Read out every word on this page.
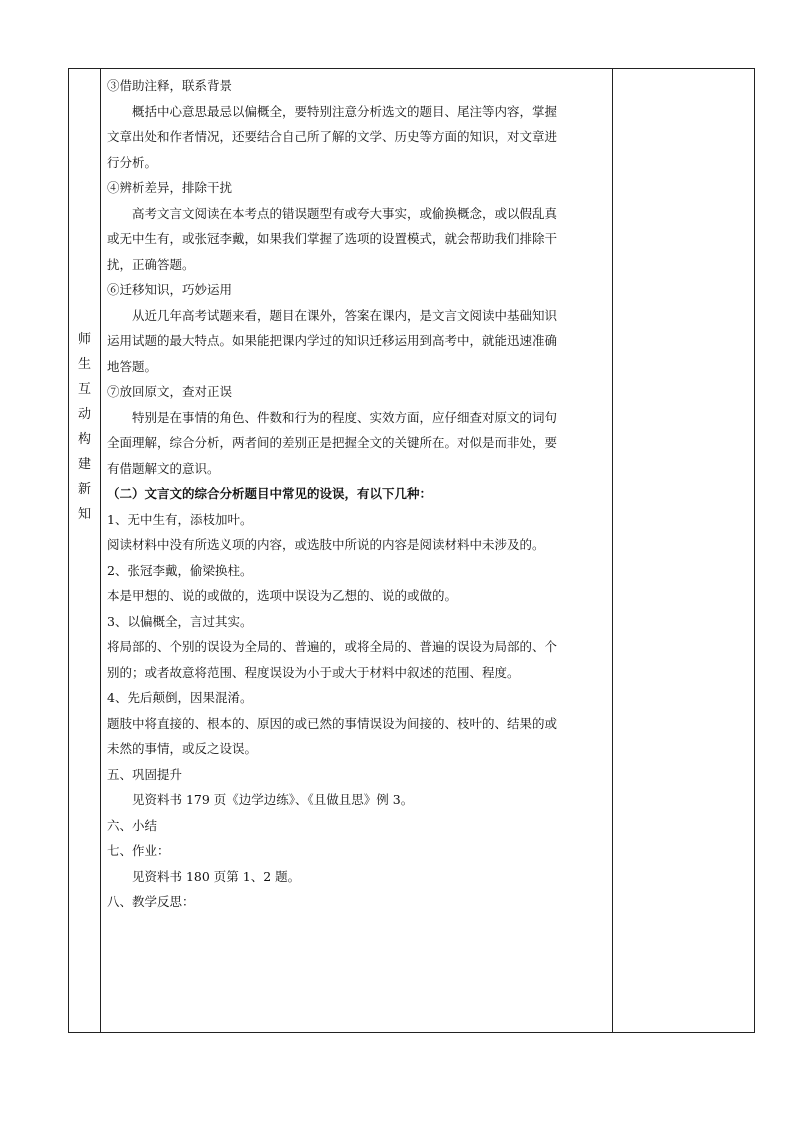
师
生
互
动
构
建
新
知

③借助注释，联系背景

概括中心意思最忌以偏概全，要特别注意分析选文的题目、尾注等内容，掌握

文章出处和作者情况，还要结合自己所了解的文学、历史等方面的知识，对文章进

行分析。

④辨析差异，排除干扰

高考文言文阅读在本考点的错误题型有或夸大事实，或偷换概念，或以假乱真

或无中生有，或张冠李戴，如果我们掌握了选项的设置模式，就会帮助我们排除干

扰，正确答题。

⑥迁移知识，巧妙运用

从近几年高考试题来看，题目在课外，答案在课内，是文言文阅读中基础知识

运用试题的最大特点。如果能把课内学过的知识迁移运用到高考中，就能迅速准确

地答题。

⑦放回原文，查对正误

特别是在事情的角色、件数和行为的程度、实效方面，应仔细查对原文的词句

全面理解，综合分析，两者间的差别正是把握全文的关键所在。对似是而非处，要

有借题解文的意识。

（二）文言文的综合分析题目中常见的设误，有以下几种：

1、无中生有，添枝加叶。

阅读材料中没有所选义项的内容，或选肢中所说的内容是阅读材料中未涉及的。

2、张冠李戴，偷梁换柱。

本是甲想的、说的或做的，选项中误设为乙想的、说的或做的。

3、以偏概全，言过其实。

将局部的、个别的误设为全局的、普遍的，或将全局的、普遍的误设为局部的、个

别的；或者故意将范围、程度误设为小于或大于材料中叙述的范围、程度。

4、先后颠倒，因果混淆。

题肢中将直接的、根本的、原因的或已然的事情误设为间接的、枝叶的、结果的或

未然的事情，或反之设误。

五、巩固提升

见资料书 179 页《边学边练》、《且做且思》例 3。

六、小结

七、作业：

见资料书 180 页第 1、2 题。

八、教学反思：
